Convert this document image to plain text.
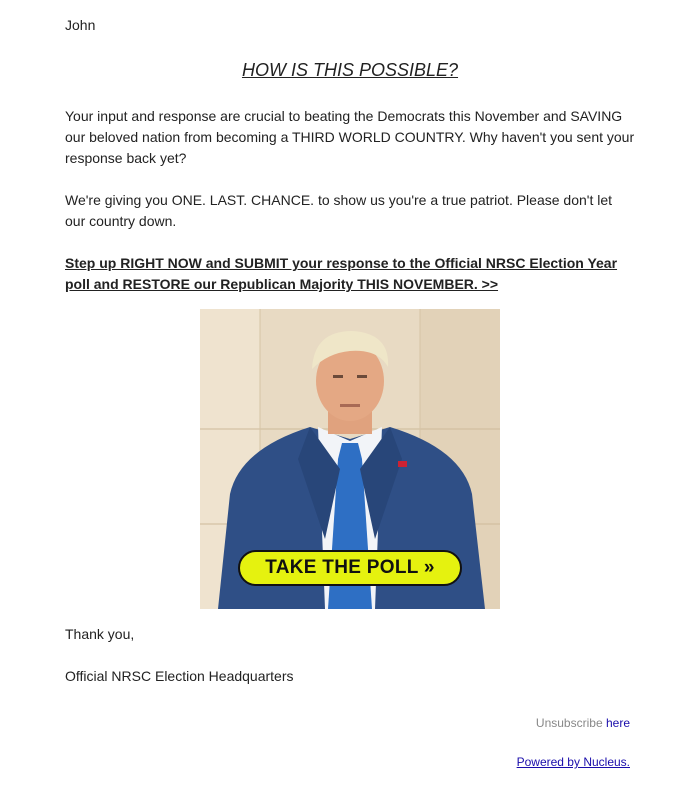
John
HOW IS THIS POSSIBLE?

Your input and response are crucial to beating the Democrats this November and SAVING our beloved nation from becoming a THIRD WORLD COUNTRY. Why haven't you sent your response back yet?

We're giving you ONE. LAST. CHANCE. to show us you're a true patriot. Please don't let our country down.

Step up RIGHT NOW and SUBMIT your response to the Official NRSC Election Year poll and RESTORE our Republican Majority THIS NOVEMBER. >>
TAKE THE POLL »
Thank you,
Official NRSC Election Headquarters
Unsubscribe here
Powered by Nucleus.
